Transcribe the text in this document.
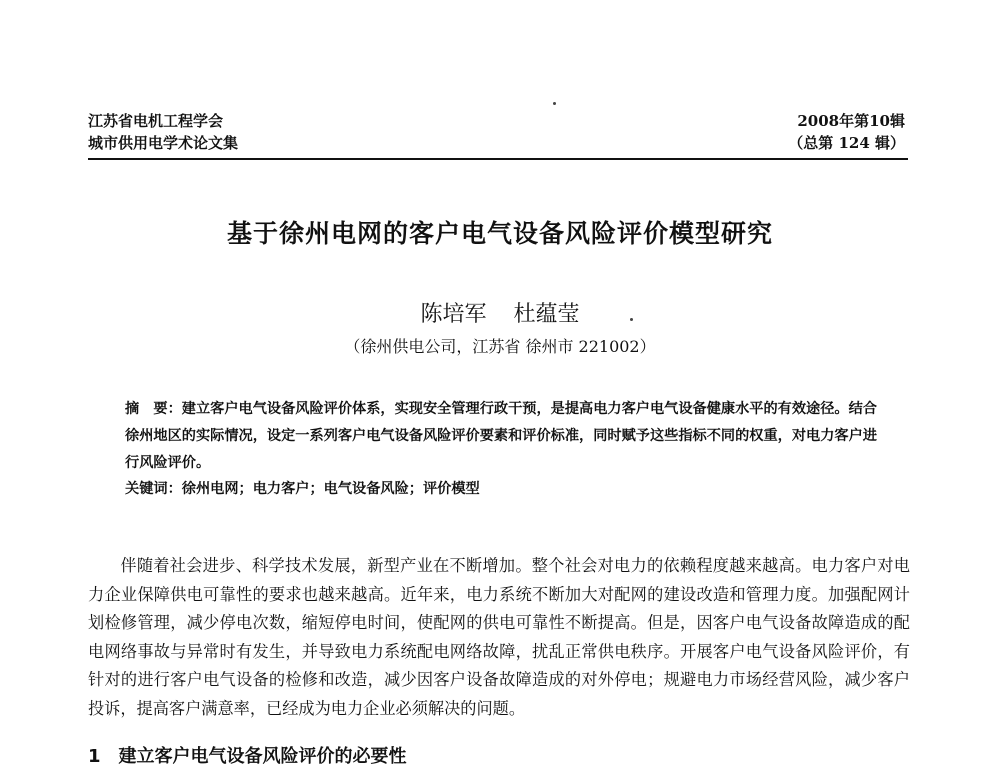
江苏省电机工程学会	2008年第10辑
城市供用电学术论文集	（总第 124 辑）
基于徐州电网的客户电气设备风险评价模型研究
陈培军 杜蕴莹
（徐州供电公司，江苏省 徐州市 221002）
摘　要：建立客户电气设备风险评价体系，实现安全管理行政干预，是提高电力客户电气设备健康水平的有效途径。结合徐州地区的实际情况，设定一系列客户电气设备风险评价要素和评价标准，同时赋予这些指标不同的权重，对电力客户进行风险评价。
关键词：徐州电网；电力客户；电气设备风险；评价模型
伴随着社会进步、科学技术发展，新型产业在不断增加。整个社会对电力的依赖程度越来越高。电力客户对电力企业保障供电可靠性的要求也越来越高。近年来，电力系统不断加大对配网的建设改造和管理力度。加强配网计划检修管理，减少停电次数，缩短停电时间，使配网的供电可靠性不断提高。但是，因客户电气设备故障造成的配电网络事故与异常时有发生，并导致电力系统配电网络故障，扰乱正常供电秩序。开展客户电气设备风险评价，有针对的进行客户电气设备的检修和改造，减少因客户设备故障造成的对外停电；规避电力市场经营风险，减少客户投诉，提高客户满意率，已经成为电力企业必须解决的问题。
1　建立客户电气设备风险评价的必要性
